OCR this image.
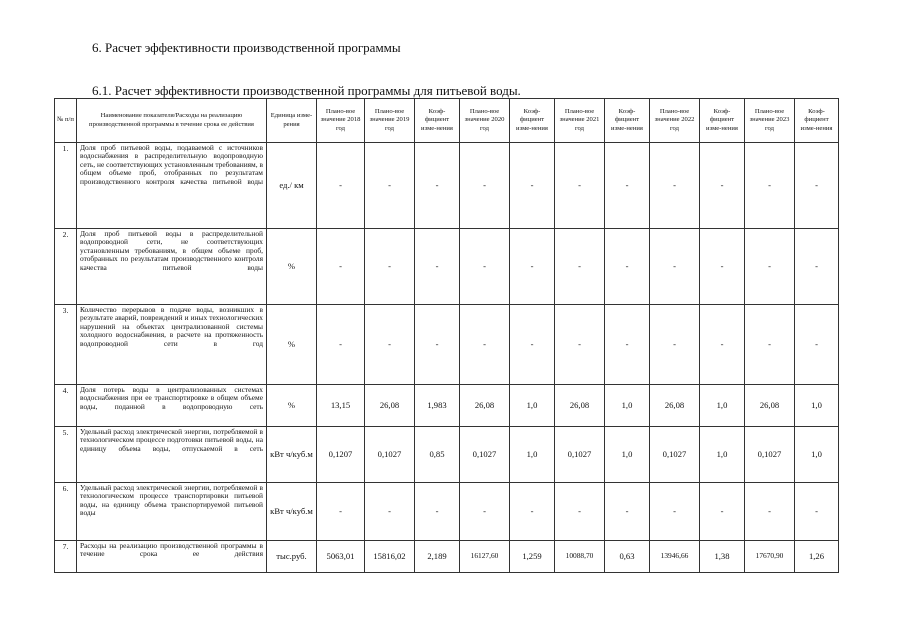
6. Расчет эффективности производственной программы
6.1. Расчет эффективности производственной программы для питьевой воды.
№ п/п	Наименование показателя/Расходы на реализацию производственной программы в течение срока ее действия	Единица изме-рения	Плано-вое значение 2018 год	Плано-вое значение 2019 год	Коэф-фициент изме-нения	Плано-вое значение 2020 год	Коэф-фициент изме-нения	Плано-вое значение 2021 год	Коэф-фициент изме-нения	Плано-вое значение 2022 год	Коэф-фициент изме-нения	Плано-вое значение 2023 год	Коэф-фициент изме-нения
1.	Доля проб питьевой воды, подаваемой с источников водоснабжения в распределительную водопроводную сеть, не соответствующих установленным требованиям, в общем объеме проб, отобранных по результатам производственного контроля качества питьевой воды	ед./ км	-	-	-	-	-	-	-	-	-	-	-
2.	Доля проб питьевой воды в распределительной водопроводной сети, не соответствующих установленным требованиям, в общем объеме проб, отобранных по результатам производственного контроля качества питьевой воды	%	-	-	-	-	-	-	-	-	-	-	-
3.	Количество перерывов в подаче воды, возникших в результате аварий, повреждений и иных технологических нарушений на объектах централизованной системы холодного водоснабжения, в расчете на протяженность водопроводной сети в год	%	-	-	-	-	-	-	-	-	-	-	-
4.	Доля потерь воды в централизованных системах водоснабжения при ее транспортировке в общем объеме воды, поданной в водопроводную сеть	%	13,15	26,08	1,983	26,08	1,0	26,08	1,0	26,08	1,0	26,08	1,0
5.	Удельный расход электрической энергии, потребляемой в технологическом процессе подготовки питьевой воды, на единицу объема воды, отпускаемой в сеть	кВт ч/куб.м	0,1207	0,1027	0,85	0,1027	1,0	0,1027	1,0	0,1027	1,0	0,1027	1,0
6.	Удельный расход электрической энергии, потребляемой в технологическом процессе транспортировки питьевой воды, на единицу объема транспортируемой питьевой воды	кВт ч/куб.м	-	-	-	-	-	-	-	-	-	-	-
7.	Расходы на реализацию производственной программы в течение срока ее действия	тыс.руб.	5063,01	15816,02	2,189	16127,60	1,259	10088,70	0,63	13946,66	1,38	17670,90	1,26
